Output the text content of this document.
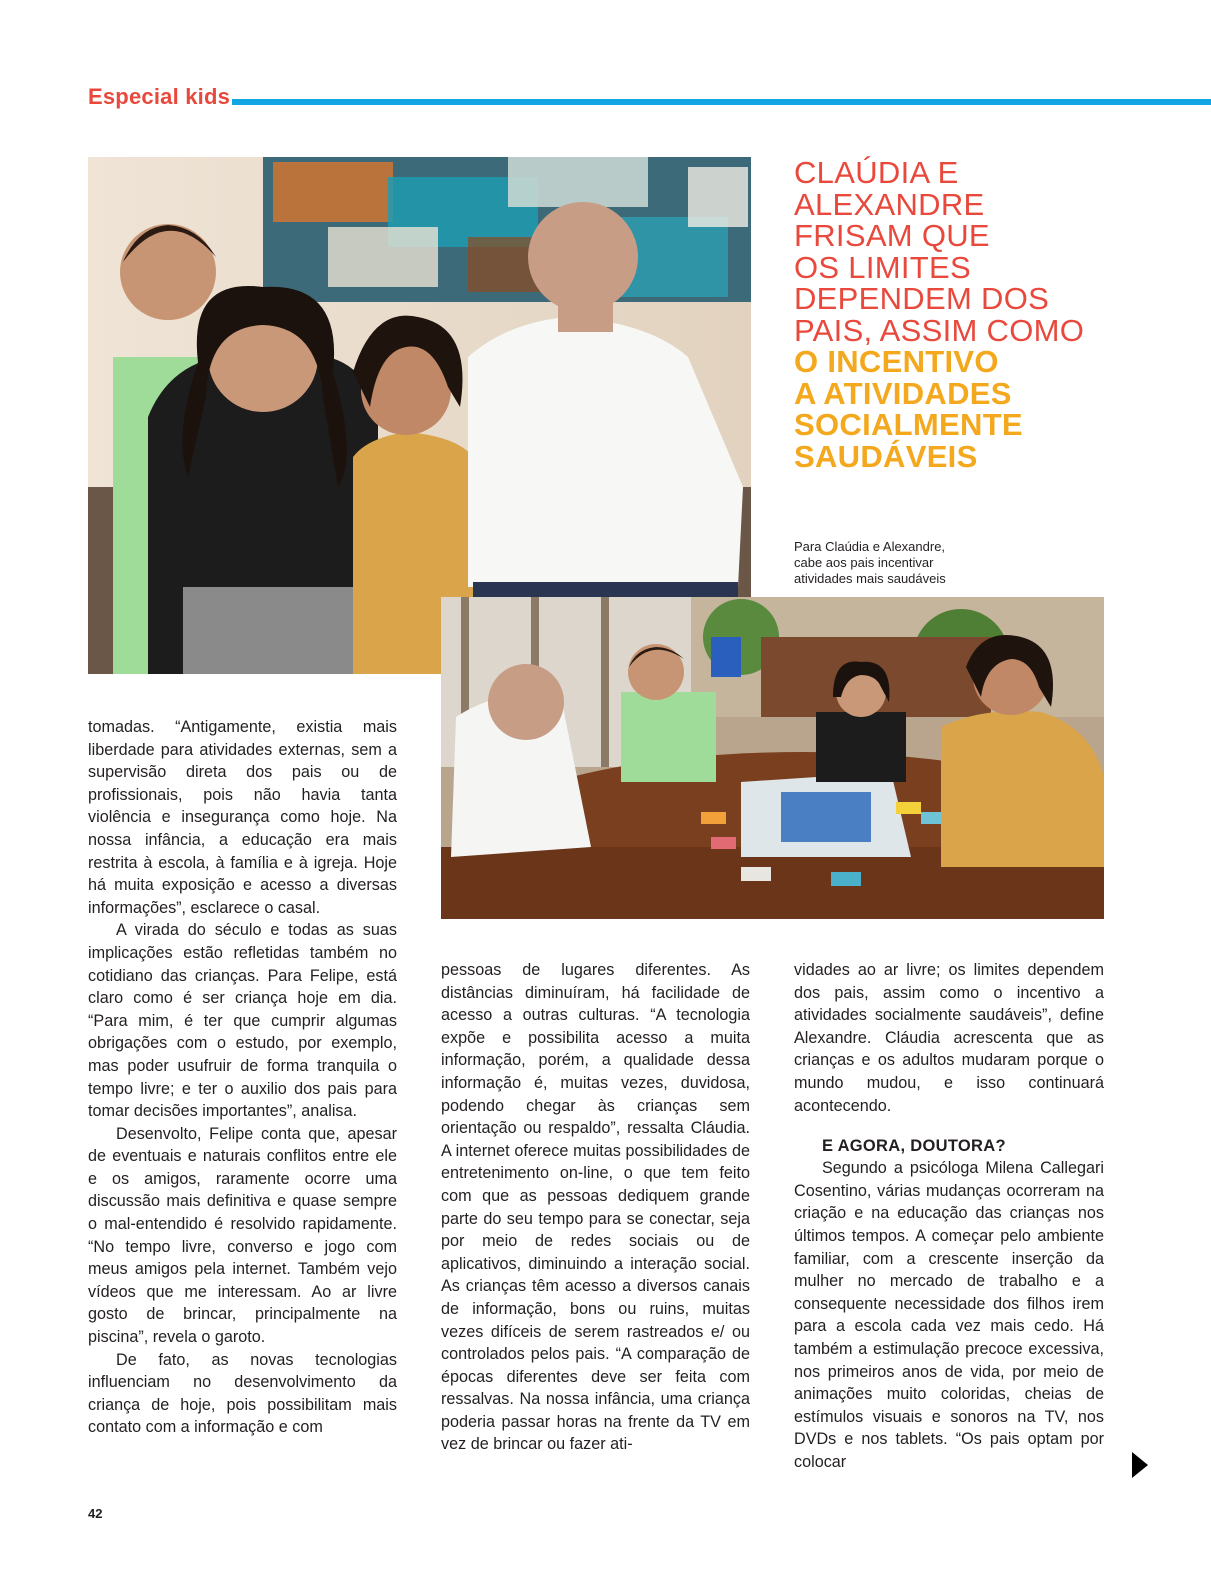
Especial kids
CLAÚDIA E
ALEXANDRE
FRISAM QUE
OS LIMITES
DEPENDEM DOS
PAIS, ASSIM COMO
O INCENTIVO
A ATIVIDADES
SOCIALMENTE
SAUDÁVEIS
Para Claúdia e Alexandre,
cabe aos pais incentivar
atividades mais saudáveis

tomadas. “Antigamente, existia mais liberdade para atividades externas, sem a supervisão direta dos pais ou de profissionais, pois não havia tanta violência e insegurança como hoje. Na nossa infância, a educação era mais restrita à escola, à família e à igreja. Hoje há muita exposição e acesso a diversas informações”, esclarece o casal.

A virada do século e todas as suas implicações estão refletidas também no cotidiano das crianças. Para Felipe, está claro como é ser criança hoje em dia. “Para mim, é ter que cumprir algumas obrigações com o estudo, por exemplo, mas poder usufruir de forma tranquila o tempo livre; e ter o auxilio dos pais para tomar decisões importantes”, analisa.

Desenvolto, Felipe conta que, apesar de eventuais e naturais conflitos entre ele e os amigos, raramente ocorre uma discussão mais definitiva e quase sempre o mal-entendido é resolvido rapidamente. “No tempo livre, converso e jogo com meus amigos pela internet. Também vejo vídeos que me interessam. Ao ar livre gosto de brincar, principalmente na piscina”, revela o garoto.

De fato, as novas tecnologias influenciam no desenvolvimento da criança de hoje, pois possibilitam mais contato com a informação e com

pessoas de lugares diferentes. As distâncias diminuíram, há facilidade de acesso a outras culturas. “A tecnologia expõe e possibilita acesso a muita informação, porém, a qualidade dessa informação é, muitas vezes, duvidosa, podendo chegar às crianças sem orientação ou respaldo”, ressalta Cláudia. A internet oferece muitas possibilidades de entretenimento on-line, o que tem feito com que as pessoas dediquem grande parte do seu tempo para se conectar, seja por meio de redes sociais ou de aplicativos, diminuindo a interação social. As crianças têm acesso a diversos canais de informação, bons ou ruins, muitas vezes difíceis de serem rastreados e/ ou controlados pelos pais. “A comparação de épocas diferentes deve ser feita com ressalvas. Na nossa infância, uma criança poderia passar horas na frente da TV em vez de brincar ou fazer ati-

vidades ao ar livre; os limites dependem dos pais, assim como o incentivo a atividades socialmente saudáveis”, define Alexandre. Cláudia acrescenta que as crianças e os adultos mudaram porque o mundo mudou, e isso continuará acontecendo.

E AGORA, DOUTORA?

Segundo a psicóloga Milena Callegari Cosentino, várias mudanças ocorreram na criação e na educação das crianças nos últimos tempos. A começar pelo ambiente familiar, com a crescente inserção da mulher no mercado de trabalho e a consequente necessidade dos filhos irem para a escola cada vez mais cedo. Há também a estimulação precoce excessiva, nos primeiros anos de vida, por meio de animações muito coloridas, cheias de estímulos visuais e sonoros na TV, nos DVDs e nos tablets. “Os pais optam por colocar

42
